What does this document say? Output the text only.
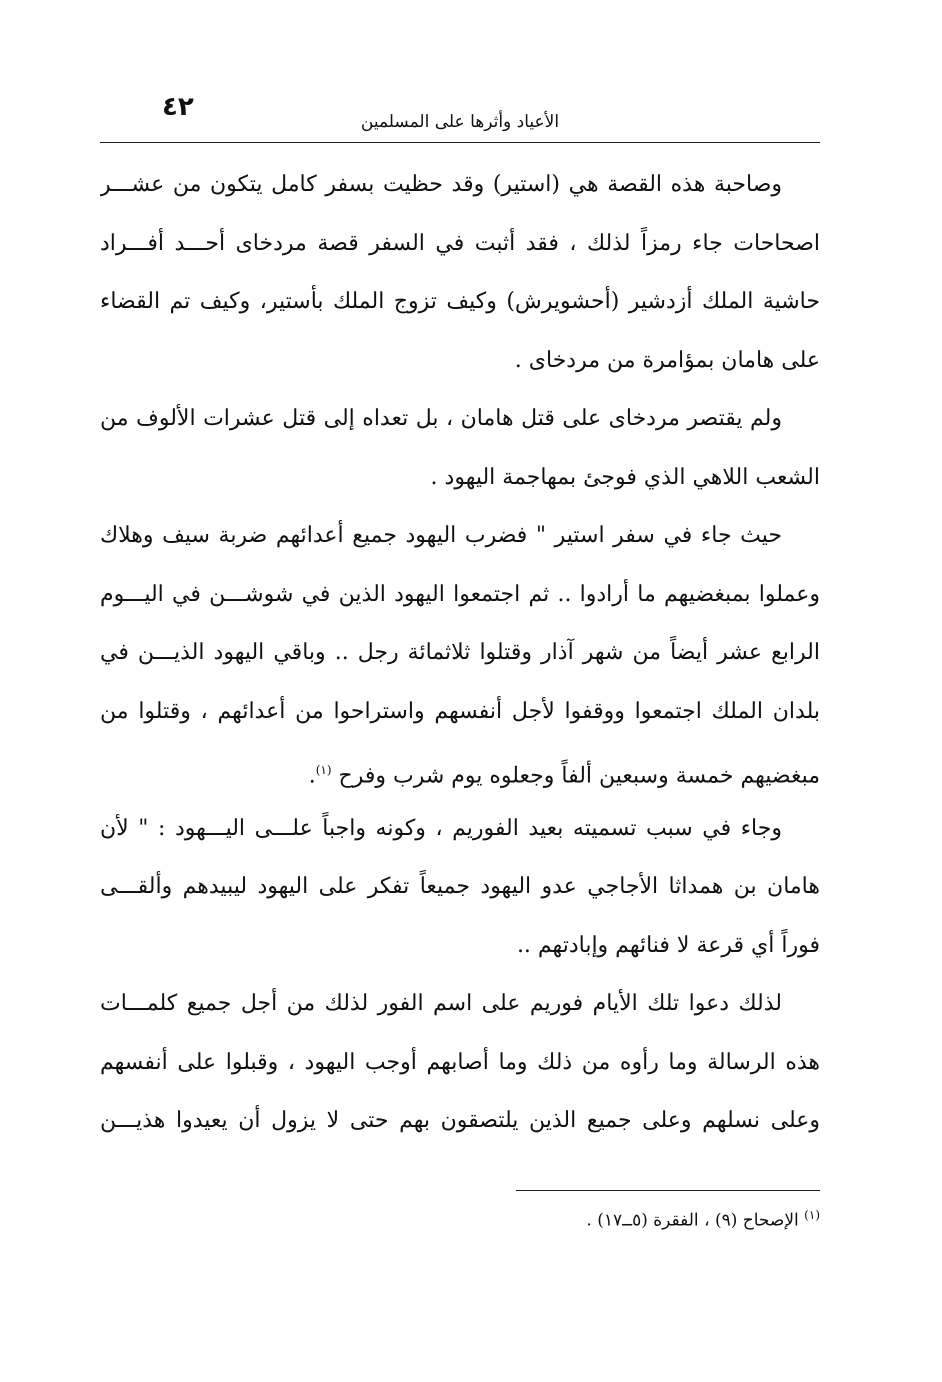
٤٢	الأعياد وأثرها على المسلمين
وصاحبة هذه القصة هي (استير) وقد حظيت بسفر كامل يتكون من عشـــر
اصحاحات جاء رمزاً لذلك ، فقد أثبت في السفر قصة مردخاى أحـــد أفـــراد
حاشية الملك أزدشير (أحشويرش) وكيف تزوج الملك بأستير، وكيف تم القضاء
على هامان بمؤامرة من مردخاى .
ولم يقتصر مردخاى على قتل هامان ، بل تعداه إلى قتل عشرات الألوف من
الشعب اللاهي الذي فوجئ بمهاجمة اليهود .
حيث جاء في سفر استير " فضرب اليهود جميع أعدائهم ضربة سيف وهلاك
وعملوا بمبغضيهم ما أرادوا .. ثم اجتمعوا اليهود الذين في شوشـــن في اليـــوم
الرابع عشر أيضاً من شهر آذار وقتلوا ثلاثمائة رجل .. وباقي اليهود الذيـــن في
بلدان الملك اجتمعوا ووقفوا لأجل أنفسهم واستراحوا من أعدائهم ، وقتلوا من
مبغضيهم خمسة وسبعين ألفاً وجعلوه يوم شرب وفرح $^{(١)}$.
وجاء في سبب تسميته بعيد الفوريم ، وكونه واجباً علـــى اليـــهود : " لأن
هامان بن همداثا الأجاجي عدو اليهود جميعاً تفكر على اليهود ليبيدهم وألقـــى
فوراً أي قرعة لا فنائهم وإبادتهم ..
لذلك دعوا تلك الأيام فوريم على اسم الفور لذلك من أجل جميع كلمـــات
هذه الرسالة وما رأوه من ذلك وما أصابهم أوجب اليهود ، وقبلوا على أنفسهم
وعلى نسلهم وعلى جميع الذين يلتصقون بهم حتى لا يزول أن يعيدوا هذيـــن
$^{(١)}$ الإصحاح (٩) ، الفقرة (٥ــ١٧) .
